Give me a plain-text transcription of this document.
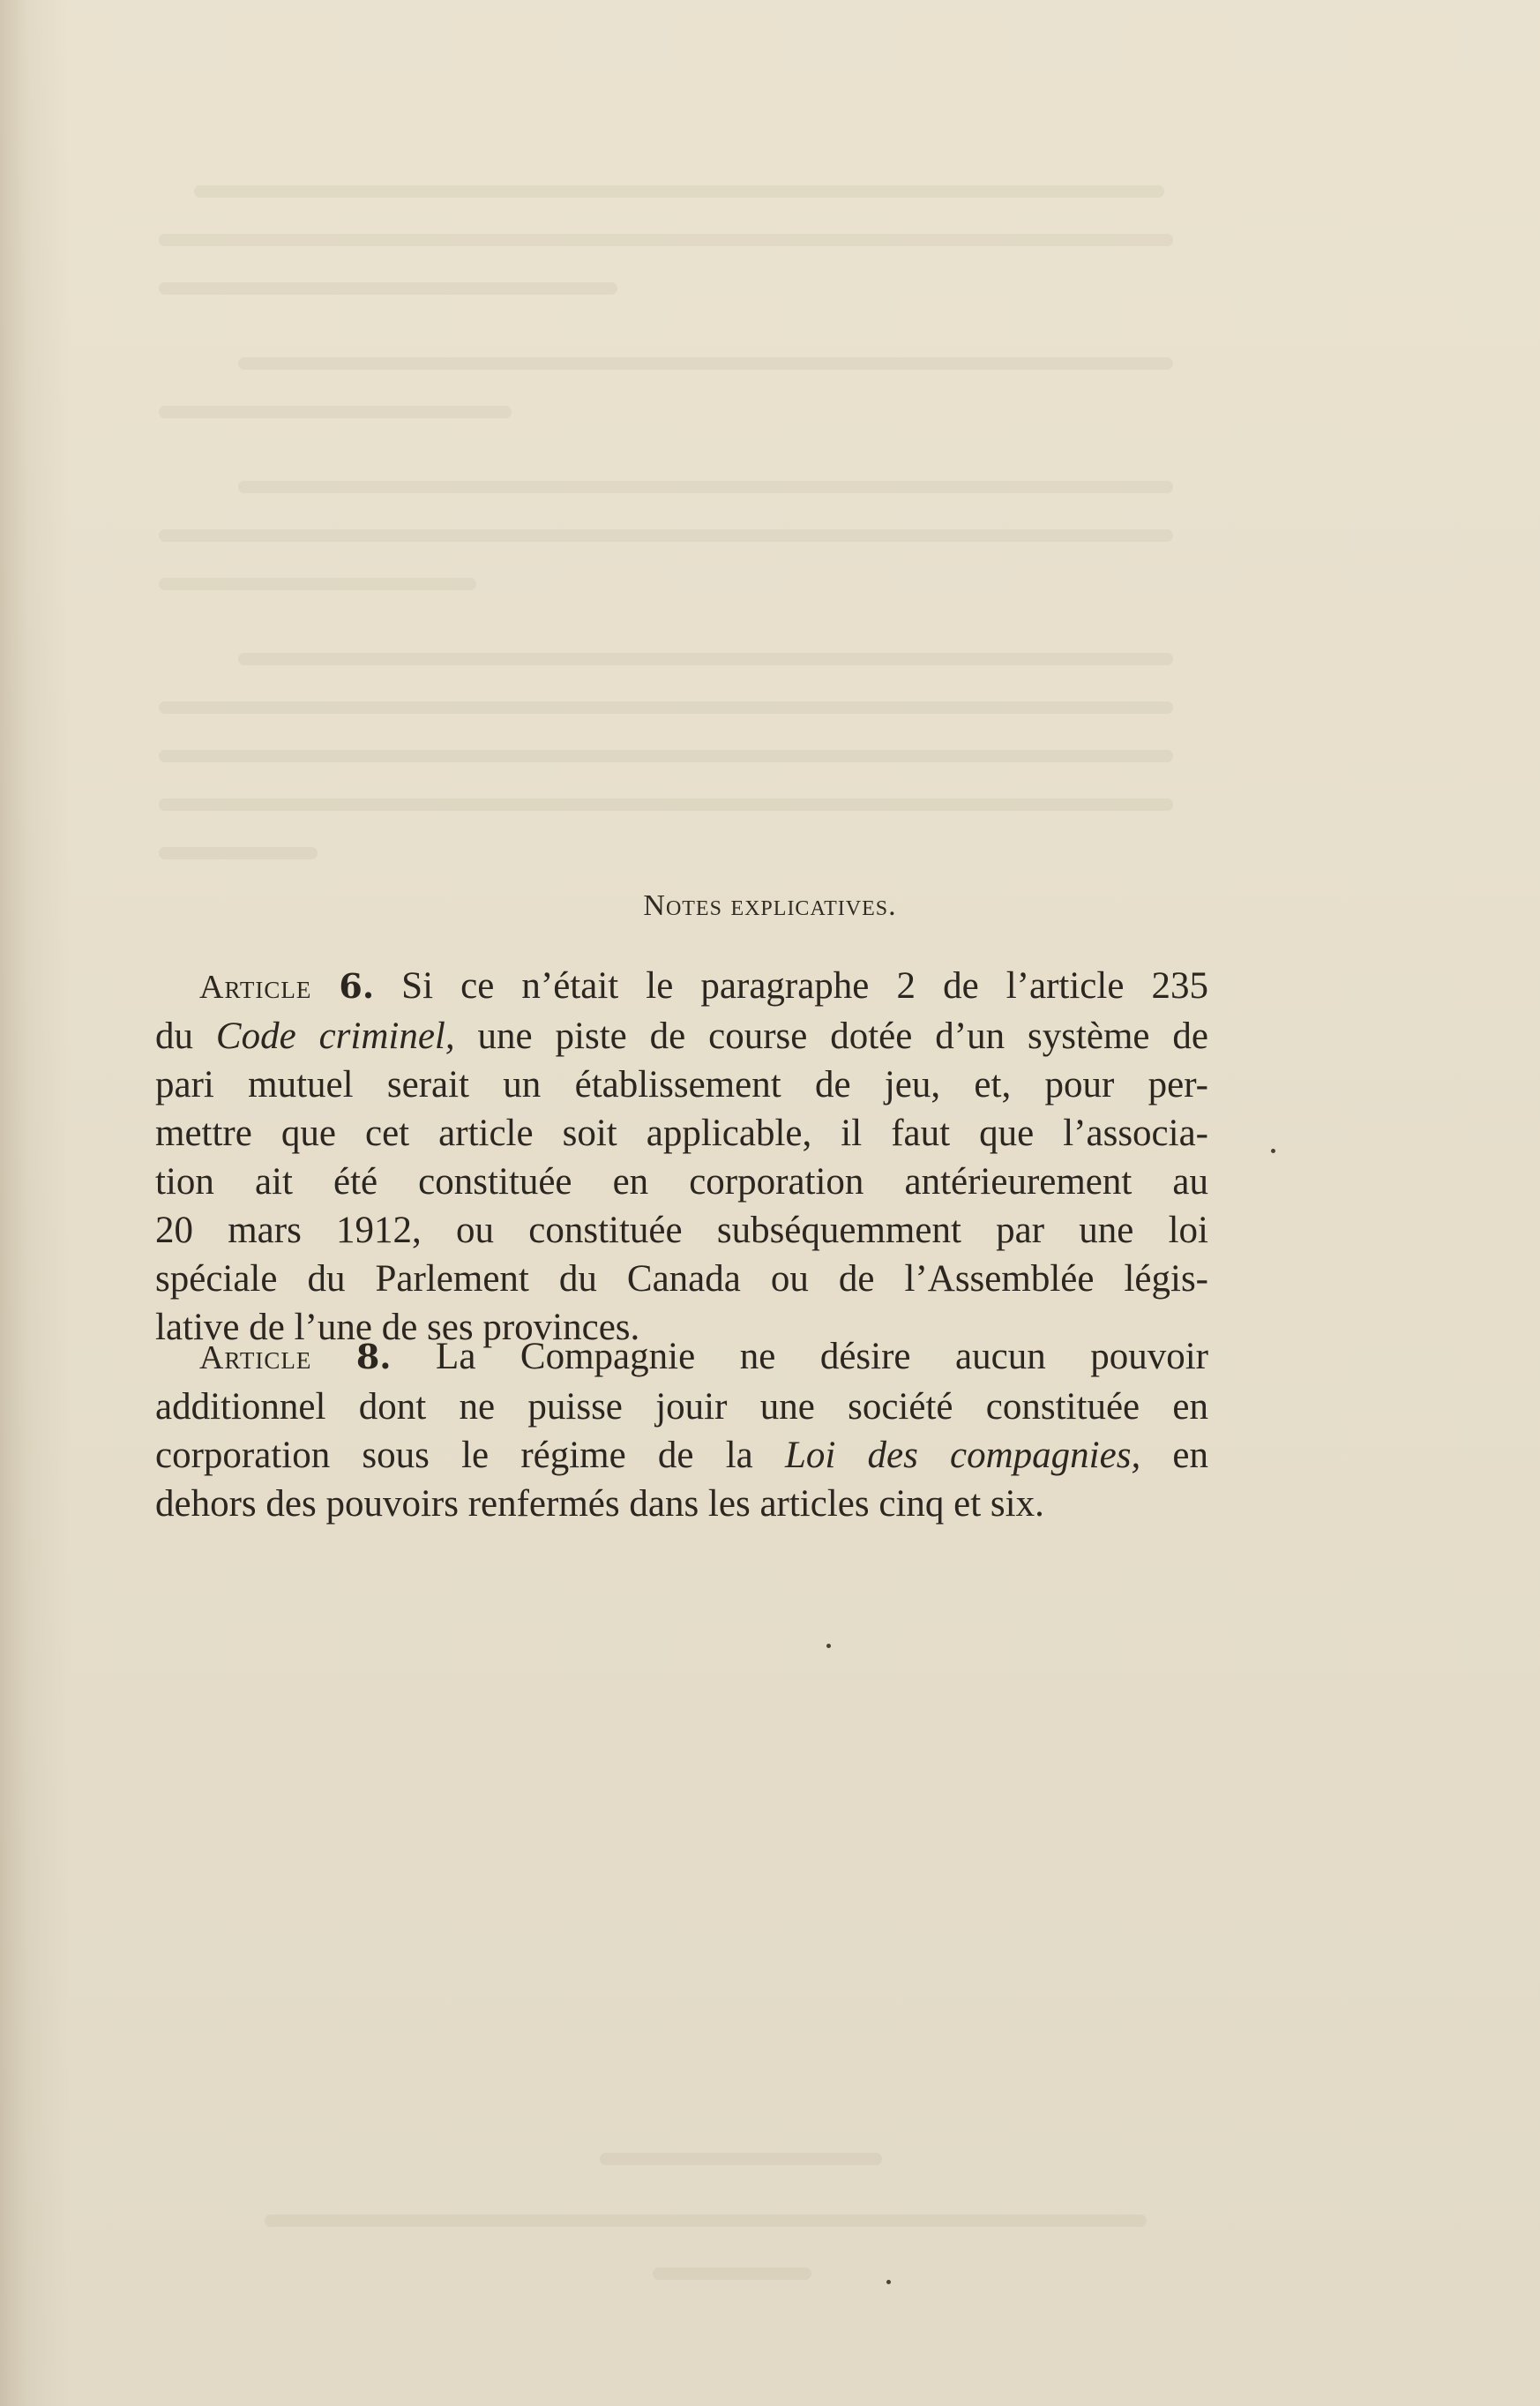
Notes explicatives.
Article 6. Si ce n’était le paragraphe 2 de l’article 235
du Code criminel, une piste de course dotée d’un système de
pari mutuel serait un établissement de jeu, et, pour per-
mettre que cet article soit applicable, il faut que l’associa-
tion ait été constituée en corporation antérieurement au
20 mars 1912, ou constituée subséquemment par une loi
spéciale du Parlement du Canada ou de l’Assemblée légis-
lative de l’une de ses provinces.
Article 8. La Compagnie ne désire aucun pouvoir
additionnel dont ne puisse jouir une société constituée en
corporation sous le régime de la Loi des compagnies, en
dehors des pouvoirs renfermés dans les articles cinq et six.
